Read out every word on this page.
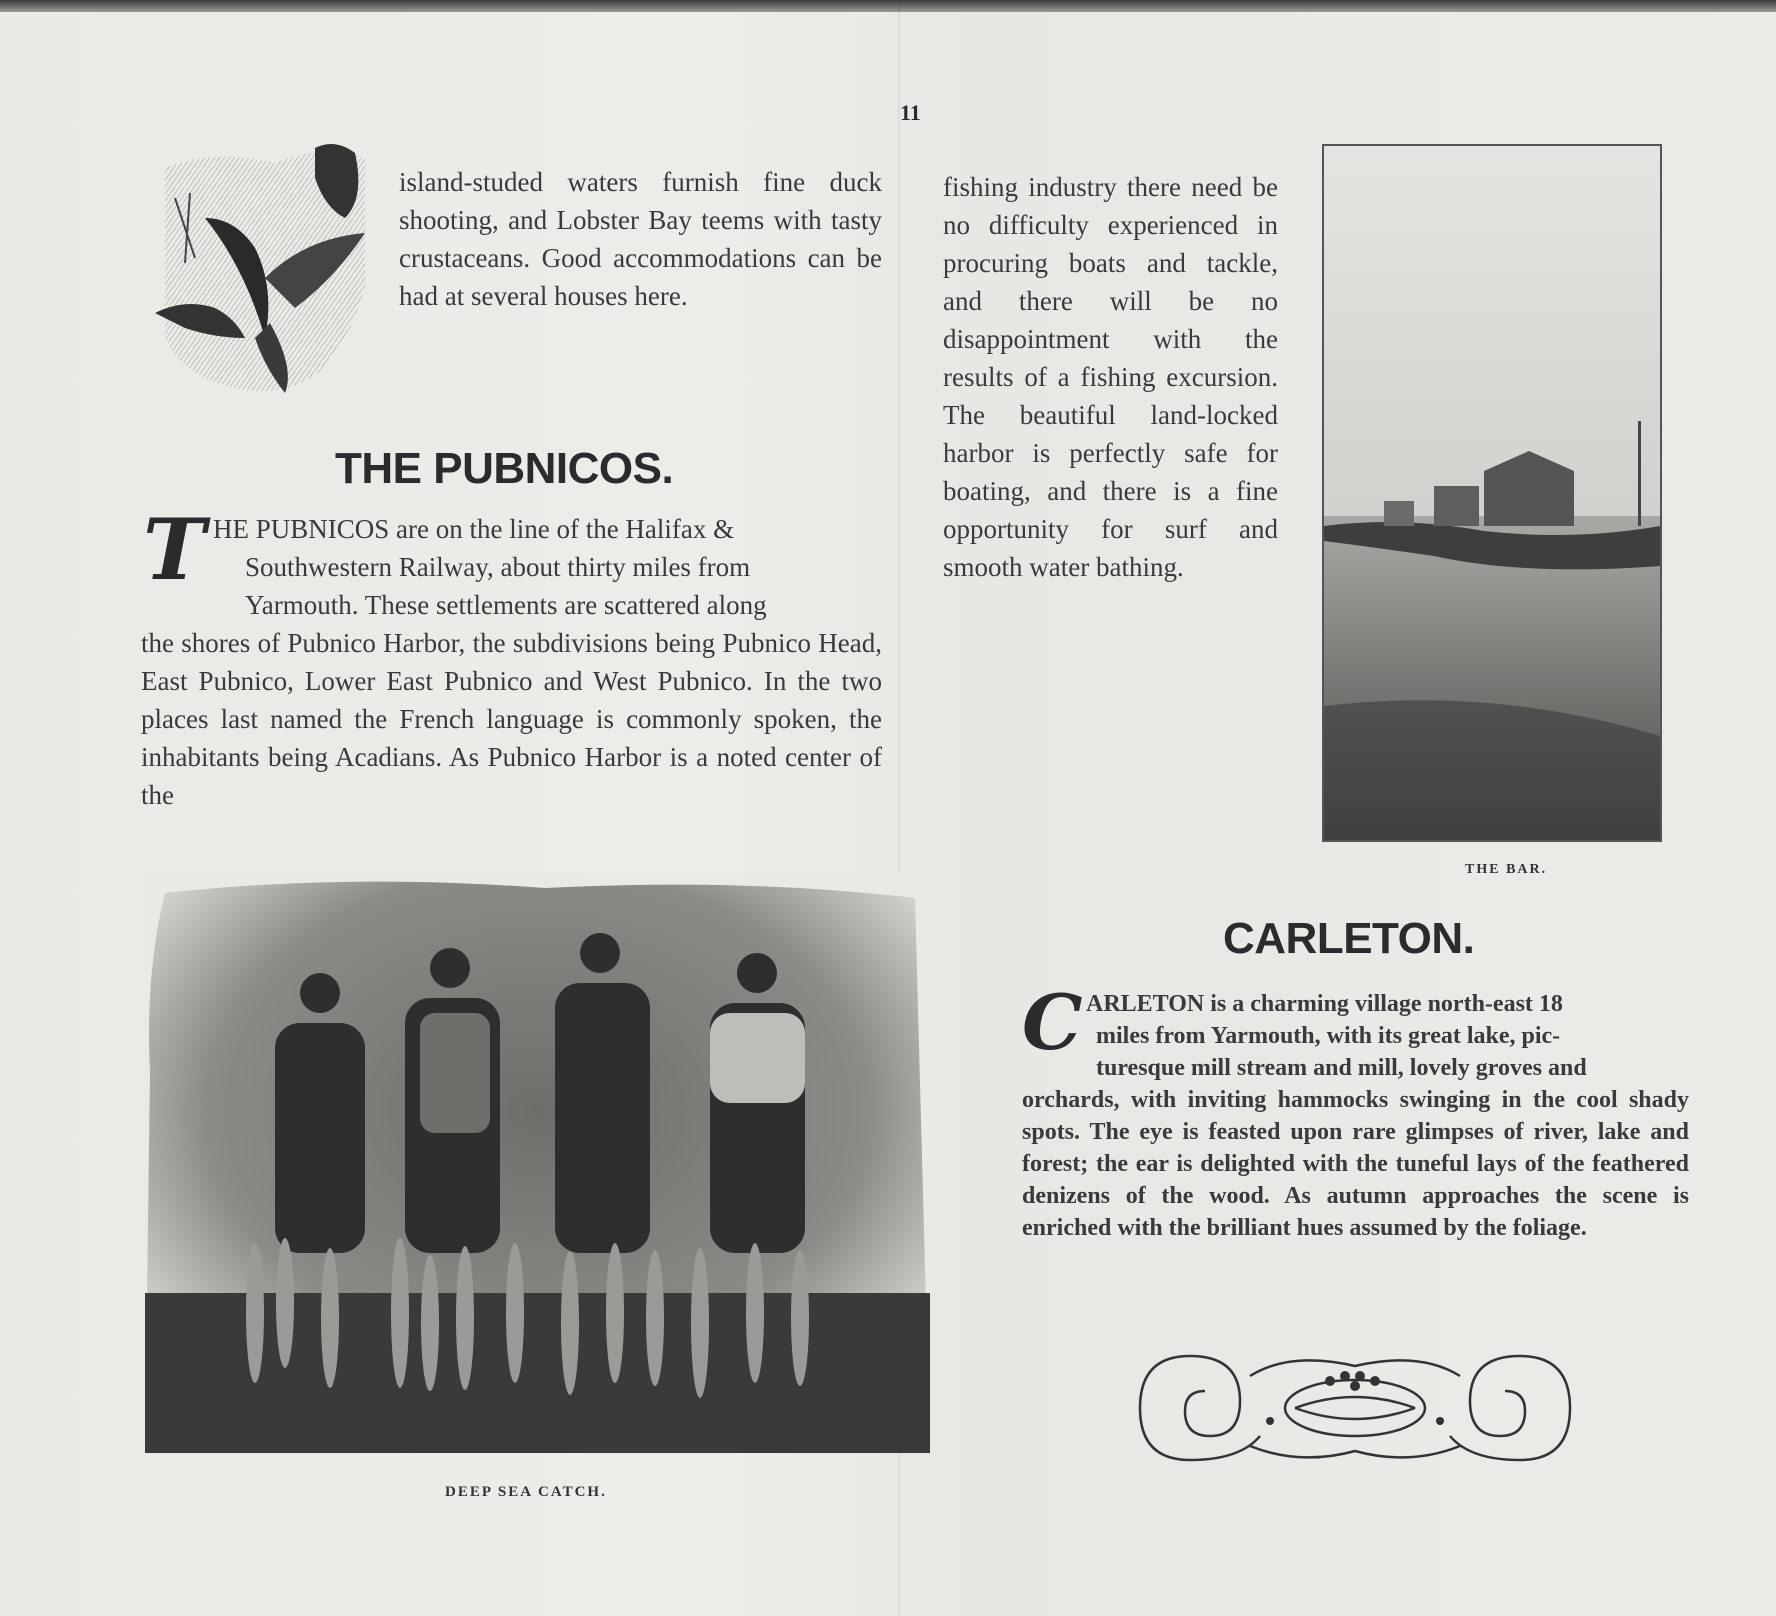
11

island-studed waters furnish fine duck shooting, and Lobster Bay teems with tasty crustaceans. Good accommodations can be had at several houses here.

THE PUBNICOS.
T HE PUBNICOS are on the line of the Halifax &
Southwestern Railway, about thirty miles from
Yarmouth. These settlements are scattered along

the shores of Pubnico Harbor, the subdivisions being Pubnico Head, East Pubnico, Lower East Pubnico and West Pubnico. In the two places last named the French language is commonly spoken, the inhabitants being Acadians. As Pubnico Harbor is a noted center of the

DEEP SEA CATCH.

fishing industry there need be no difficulty experienced in procuring boats and tackle, and there will be no disappointment with the results of a fishing excursion. The beautiful land-locked harbor is perfectly safe for boating, and there is a fine opportunity for surf and smooth water bathing.

THE BAR.
CARLETON.
C ARLETON is a charming village north-east 18
miles from Yarmouth, with its great lake, pic-
turesque mill stream and mill, lovely groves and

orchards, with inviting hammocks swinging in the cool shady spots. The eye is feasted upon rare glimpses of river, lake and forest; the ear is delighted with the tuneful lays of the feathered denizens of the wood. As autumn approaches the scene is enriched with the brilliant hues assumed by the foliage.
